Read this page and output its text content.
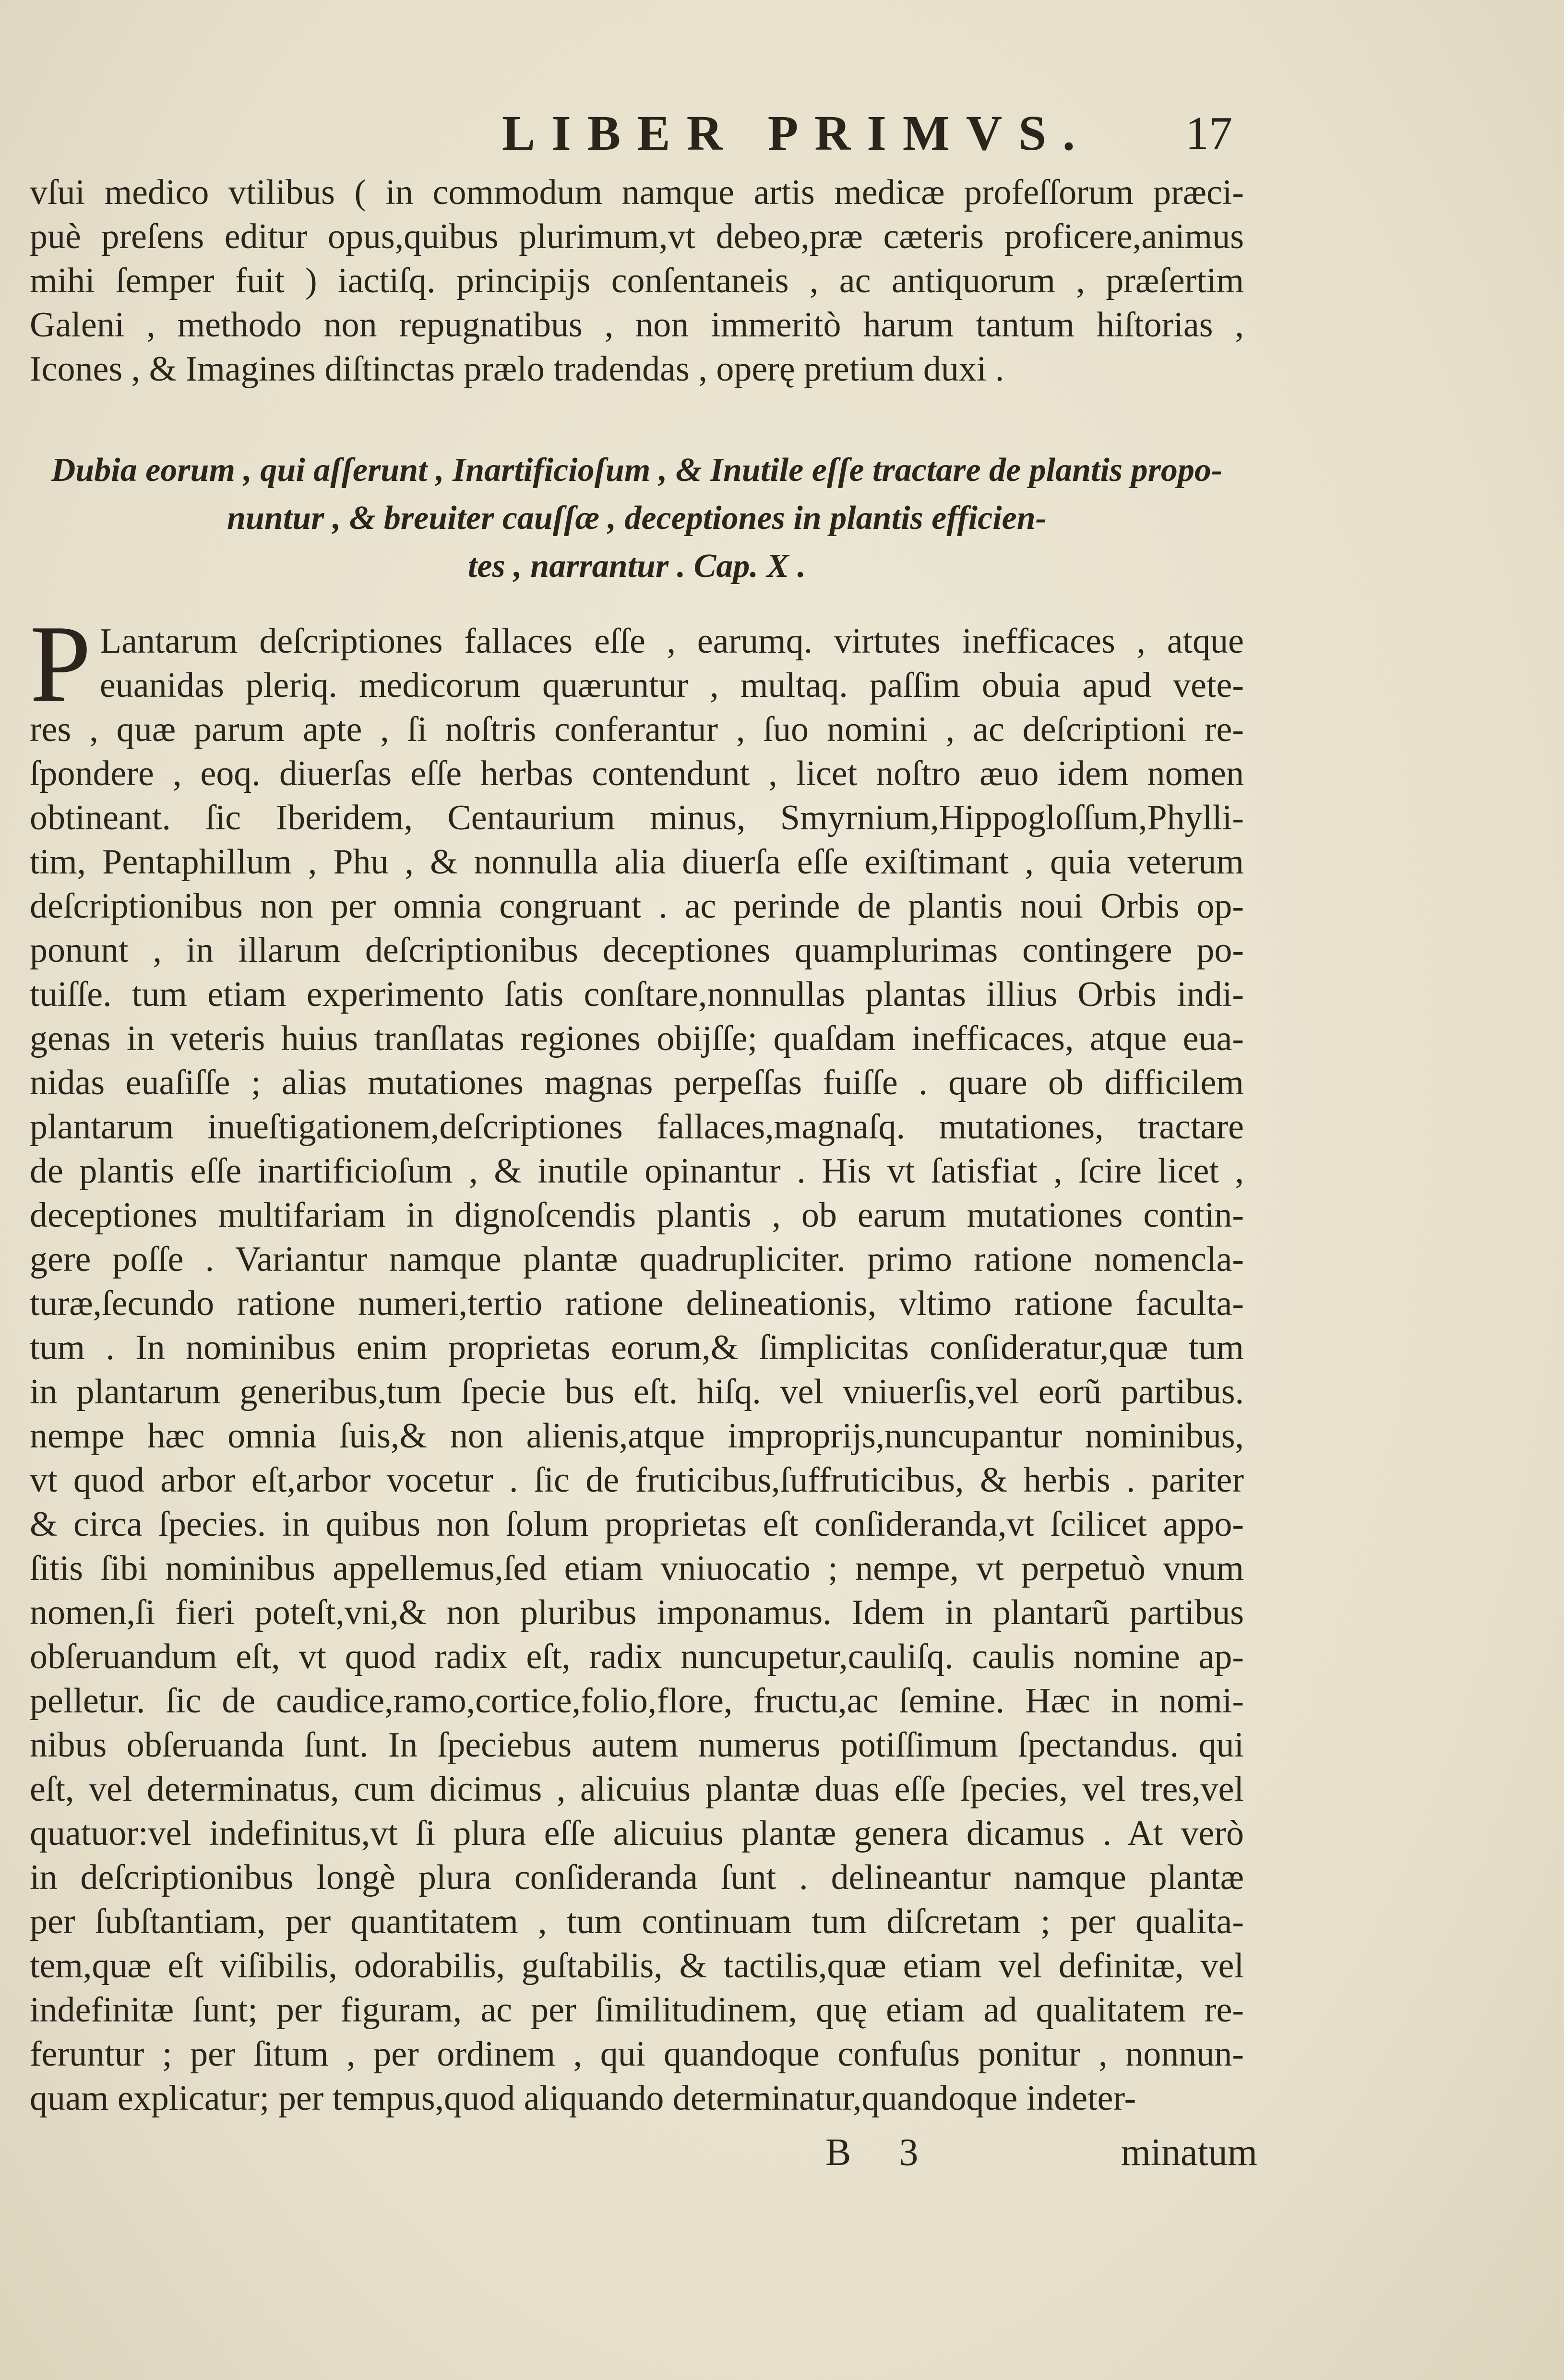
LIBER PRIMVS.	17
vſui medico vtilibus ( in commodum namque artis medicæ profeſſorum præci-
puè preſens editur opus,quibus plurimum,vt debeo,præ cæteris proficere,animus
mihi ſemper fuit ) iactiſq. principijs conſentaneis , ac antiquorum , præſertim
Galeni , methodo non repugnatibus , non immeritò harum tantum hiſtorias ,
Icones , & Imagines diſtinctas prælo tradendas , operę pretium duxi .
Dubia eorum , qui aſſerunt , Inartificioſum , & Inutile eſſe tractare de plantis propo-
nuntur , & breuiter cauſſæ , deceptiones in plantis efficien-
tes , narrantur . Cap. X .
P Lantarum deſcriptiones fallaces eſſe , earumq. virtutes inefficaces , atque
euanidas pleriq. medicorum quæruntur , multaq. paſſim obuia apud vete-
res , quæ parum apte , ſi noſtris conferantur , ſuo nomini , ac deſcriptioni re-
ſpondere , eoq. diuerſas eſſe herbas contendunt , licet noſtro æuo idem nomen
obtineant. ſic Iberidem, Centaurium minus, Smyrnium,Hippogloſſum,Phylli-
tim, Pentaphillum , Phu , & nonnulla alia diuerſa eſſe exiſtimant , quia veterum
deſcriptionibus non per omnia congruant . ac perinde de plantis noui Orbis op-
ponunt , in illarum deſcriptionibus deceptiones quamplurimas contingere po-
tuiſſe. tum etiam experimento ſatis conſtare,nonnullas plantas illius Orbis indi-
genas in veteris huius tranſlatas regiones obijſſe; quaſdam inefficaces, atque eua-
nidas euaſiſſe ; alias mutationes magnas perpeſſas fuiſſe . quare ob difficilem
plantarum inueſtigationem,deſcriptiones fallaces,magnaſq. mutationes, tractare
de plantis eſſe inartificioſum , & inutile opinantur . His vt ſatisfiat , ſcire licet ,
deceptiones multifariam in dignoſcendis plantis , ob earum mutationes contin-
gere poſſe . Variantur namque plantæ quadrupliciter. primo ratione nomencla-
turæ,ſecundo ratione numeri,tertio ratione delineationis, vltimo ratione faculta-
tum . In nominibus enim proprietas eorum,& ſimplicitas conſideratur,quæ tum
in plantarum generibus,tum ſpecie bus eſt. hiſq. vel vniuerſis,vel eorũ partibus.
nempe hæc omnia ſuis,& non alienis,atque improprijs,nuncupantur nominibus,
vt quod arbor eſt,arbor vocetur . ſic de fruticibus,ſuffruticibus, & herbis . pariter
& circa ſpecies. in quibus non ſolum proprietas eſt conſideranda,vt ſcilicet appo-
ſitis ſibi nominibus appellemus,ſed etiam vniuocatio ; nempe, vt perpetuò vnum
nomen,ſi fieri poteſt,vni,& non pluribus imponamus. Idem in plantarũ partibus
obſeruandum eſt, vt quod radix eſt, radix nuncupetur,cauliſq. caulis nomine ap-
pelletur. ſic de caudice,ramo,cortice,folio,flore, fructu,ac ſemine. Hæc in nomi-
nibus obſeruanda ſunt. In ſpeciebus autem numerus potiſſimum ſpectandus. qui
eſt, vel determinatus, cum dicimus , alicuius plantæ duas eſſe ſpecies, vel tres,vel
quatuor:vel indefinitus,vt ſi plura eſſe alicuius plantæ genera dicamus . At verò
in deſcriptionibus longè plura conſideranda ſunt . delineantur namque plantæ
per ſubſtantiam, per quantitatem , tum continuam tum diſcretam ; per qualita-
tem,quæ eſt viſibilis, odorabilis, guſtabilis, & tactilis,quæ etiam vel definitæ, vel
indefinitæ ſunt; per figuram, ac per ſimilitudinem, quę etiam ad qualitatem re-
feruntur ; per ſitum , per ordinem , qui quandoque confuſus ponitur , nonnun-
quam explicatur; per tempus,quod aliquando determinatur,quandoque indeter-
B 3	minatum
